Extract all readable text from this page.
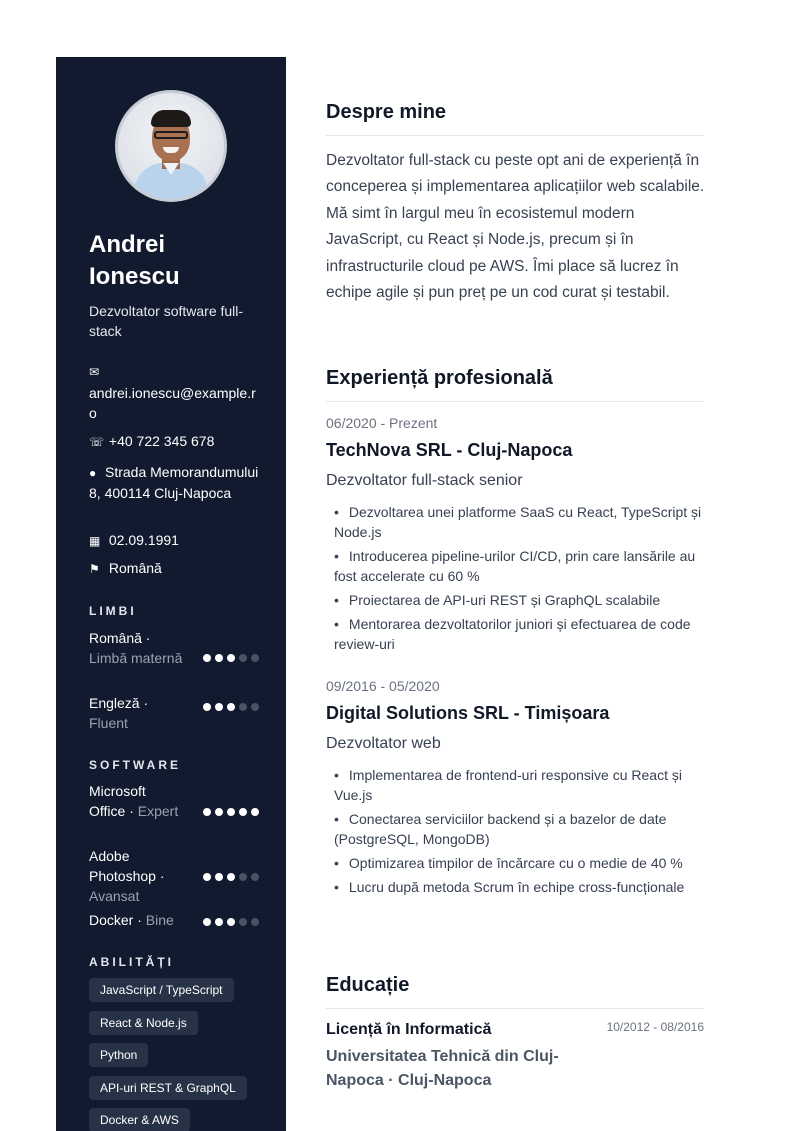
Andrei Ionescu
Dezvoltator software full-stack
✉
andrei.ionescu@example.ro
☏ +40 722 345 678
● Strada Memorandumului 8, 400114 Cluj-Napoca
▦ 02.09.1991
⚑ Română
LIMBI
Română · Limbă maternă
Engleză · Fluent
SOFTWARE
Microsoft Office · Expert
Adobe Photoshop · Avansat
Docker · Bine
ABILITĂȚI
JavaScript / TypeScript
React & Node.js
Python
API-uri REST & GraphQL
Docker & AWS
Despre mine

Dezvoltator full-stack cu peste opt ani de experiență în conceperea și implementarea aplicațiilor web scalabile. Mă simt în largul meu în ecosistemul modern JavaScript, cu React și Node.js, precum și în infrastructurile cloud pe AWS. Îmi place să lucrez în echipe agile și pun preț pe un cod curat și testabil.

Experiență profesională
06/2020 - Prezent
TechNova SRL - Cluj-Napoca
Dezvoltator full-stack senior
• Dezvoltarea unei platforme SaaS cu React, TypeScript și Node.js
• Introducerea pipeline-urilor CI/CD, prin care lansările au fost accelerate cu 60 %
• Proiectarea de API-uri REST și GraphQL scalabile
• Mentorarea dezvoltatorilor juniori și efectuarea de code review-uri
09/2016 - 05/2020
Digital Solutions SRL - Timișoara
Dezvoltator web
• Implementarea de frontend-uri responsive cu React și Vue.js
• Conectarea serviciilor backend și a bazelor de date (PostgreSQL, MongoDB)
• Optimizarea timpilor de încărcare cu o medie de 40 %
• Lucru după metoda Scrum în echipe cross-funcționale
Educație
Licență în Informatică	10/2012 - 08/2016
Universitatea Tehnică din Cluj-Napoca · Cluj-Napoca
